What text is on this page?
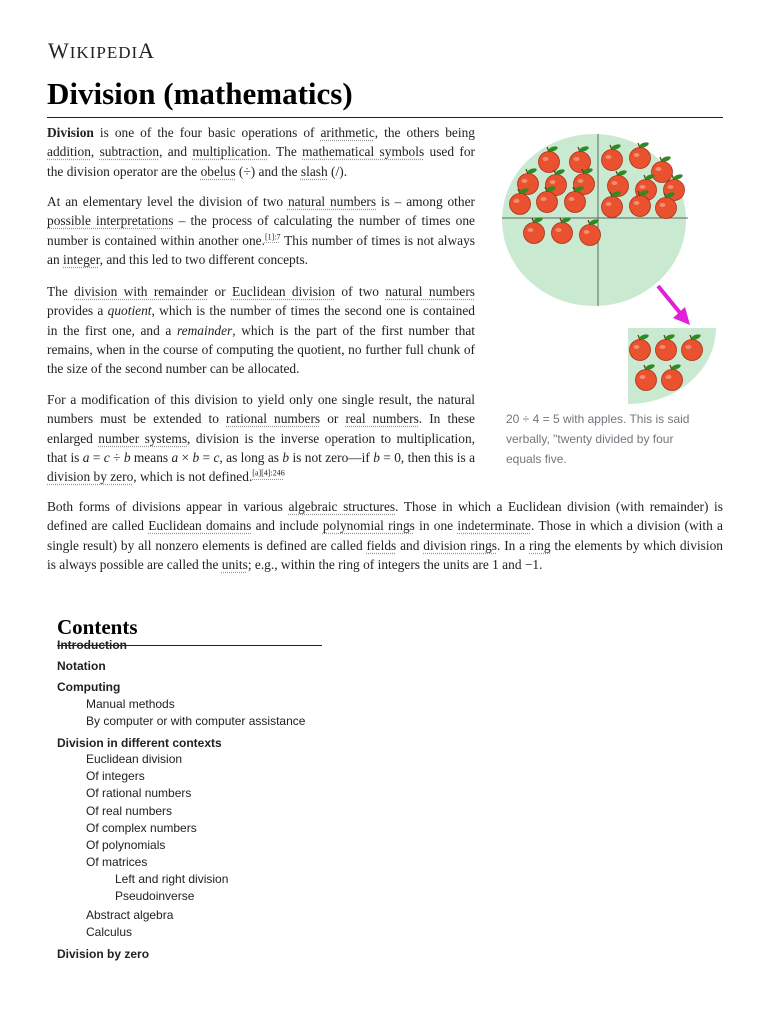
WIKIPEDIA
Division (mathematics)

Division is one of the four basic operations of arithmetic, the others being addition, subtraction, and multiplication. The mathematical symbols used for the division operator are the obelus (÷) and the slash (/).

At an elementary level the division of two natural numbers is – among other possible interpretations – the process of calculating the number of times one number is contained within another one.$^{[1]:7}$ This number of times is not always an integer, and this led to two different concepts.

The division with remainder or Euclidean division of two natural numbers provides a quotient, which is the number of times the second one is contained in the first one, and a remainder, which is the part of the first number that remains, when in the course of computing the quotient, no further full chunk of the size of the second number can be allocated.

For a modification of this division to yield only one single result, the natural numbers must be extended to rational numbers or real numbers. In these enlarged number systems, division is the inverse operation to multiplication, that is a = c ÷ b means a × b = c, as long as b is not zero—if b = 0, then this is a division by zero, which is not defined.$^{[a][4]:246}$

Both forms of divisions appear in various algebraic structures. Those in which a Euclidean division (with remainder) is defined are called Euclidean domains and include polynomial rings in one indeterminate. Those in which a division (with a single result) by all nonzero elements is defined are called fields and division rings. In a ring the elements by which division is always possible are called the units; e.g., within the ring of integers the units are 1 and −1.

20 ÷ 4 = 5 with apples. This is said verbally, "twenty divided by four equals five.

Contents
Introduction
Notation
Computing
Manual methods
By computer or with computer assistance
Division in different contexts
Euclidean division
Of integers
Of rational numbers
Of real numbers
Of complex numbers
Of polynomials
Of matrices
Left and right division
Pseudoinverse
Abstract algebra
Calculus
Division by zero
